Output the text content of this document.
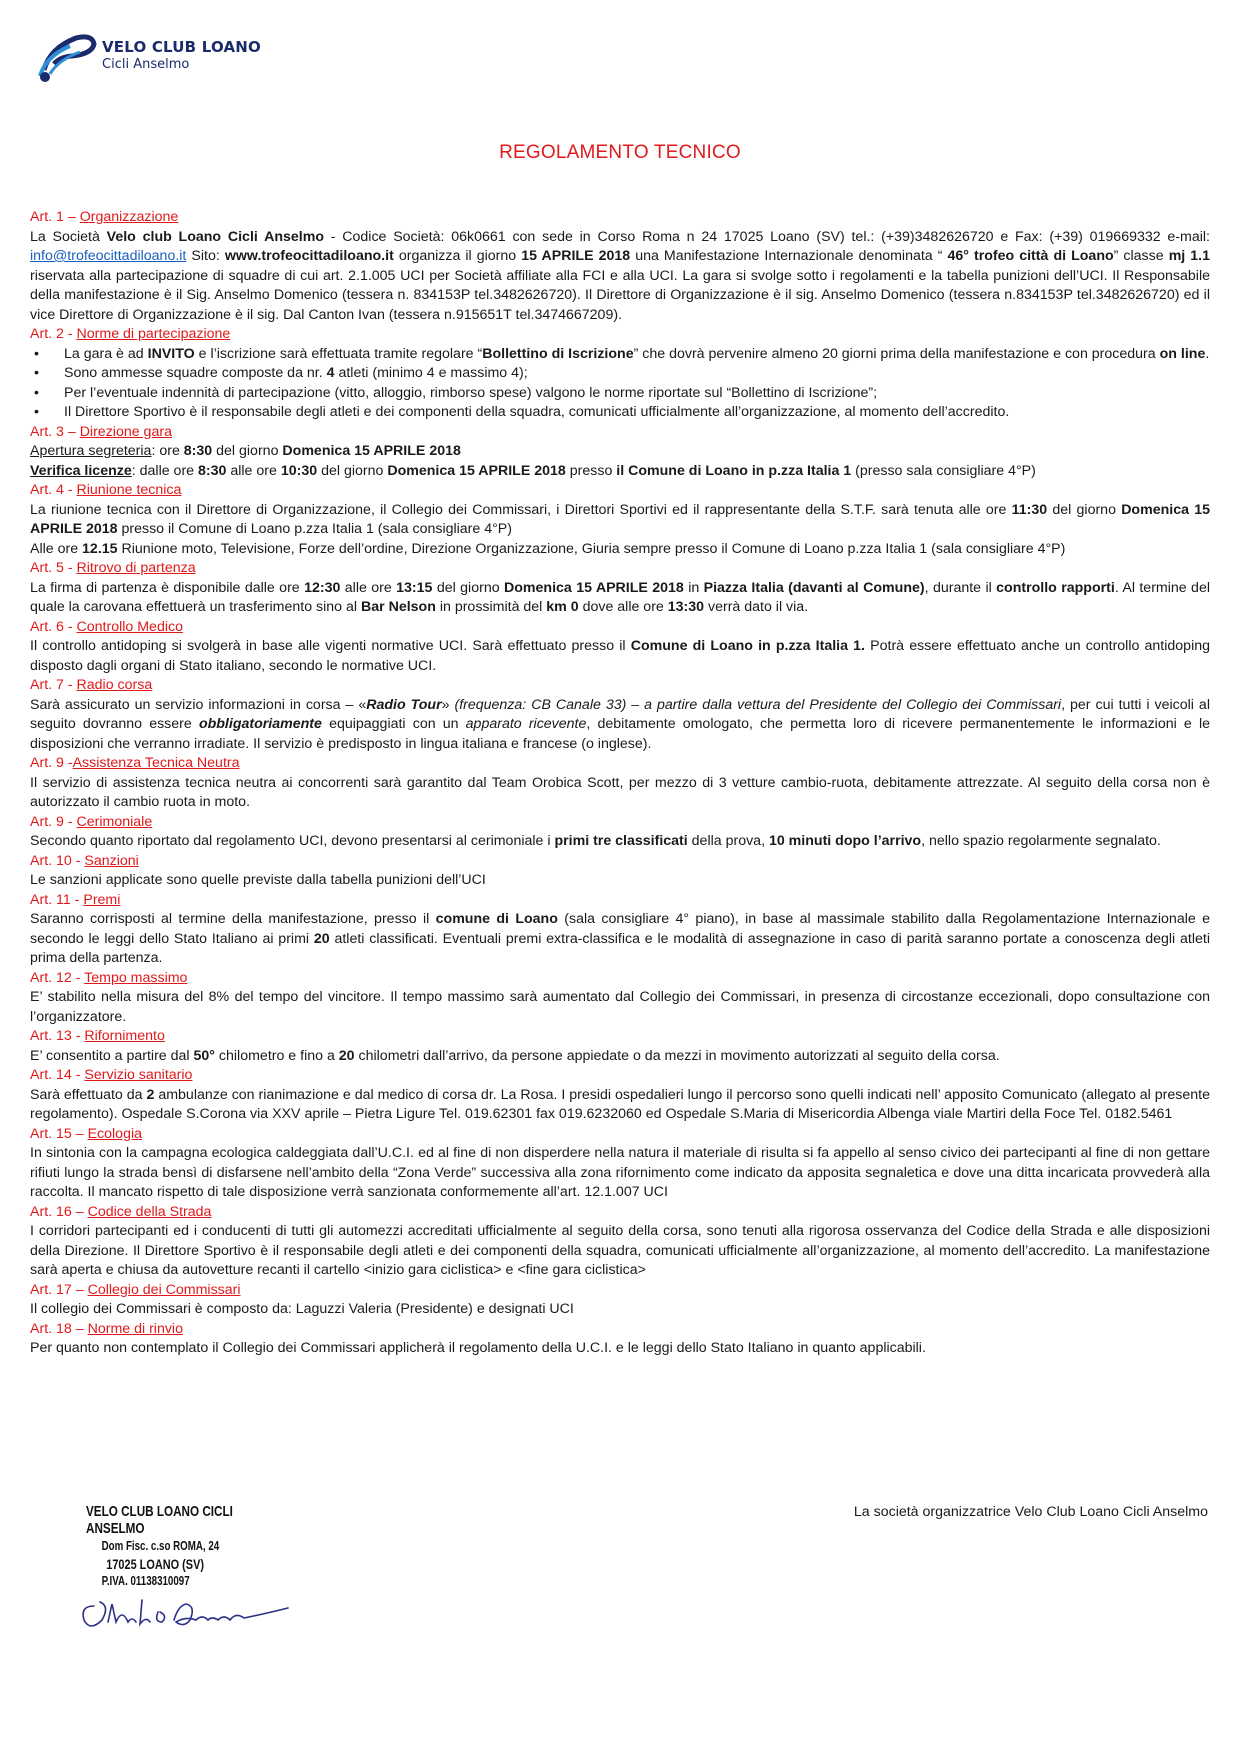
VELO CLUB LOANO
Cicli Anselmo
REGOLAMENTO TECNICO
Art. 1 – Organizzazione

La Società Velo club Loano Cicli Anselmo - Codice Società: 06k0661 con sede in Corso Roma n 24 17025 Loano (SV) tel.: (+39)3482626720 e Fax: (+39) 019669332 e-mail: info@trofeocittadiloano.it Sito: www.trofeocittadiloano.it organizza il giorno 15 APRILE 2018 una Manifestazione Internazionale denominata “ 46° trofeo città di Loano” classe mj 1.1 riservata alla partecipazione di squadre di cui art. 2.1.005 UCI per Società affiliate alla FCI e alla UCI. La gara si svolge sotto i regolamenti e la tabella punizioni dell’UCI. Il Responsabile della manifestazione è il Sig. Anselmo Domenico (tessera n. 834153P tel.3482626720). Il Direttore di Organizzazione è il sig. Anselmo Domenico (tessera n.834153P tel.3482626720) ed il vice Direttore di Organizzazione è il sig. Dal Canton Ivan (tessera n.915651T tel.3474667209).

Art. 2 - Norme di partecipazione
• La gara è ad INVITO e l’iscrizione sarà effettuata tramite regolare “Bollettino di Iscrizione” che dovrà pervenire almeno 20 giorni prima della manifestazione e con procedura on line.
• Sono ammesse squadre composte da nr. 4 atleti (minimo 4 e massimo 4);
• Per l’eventuale indennità di partecipazione (vitto, alloggio, rimborso spese) valgono le norme riportate sul “Bollettino di Iscrizione”;
• Il Direttore Sportivo è il responsabile degli atleti e dei componenti della squadra, comunicati ufficialmente all’organizzazione, al momento dell’accredito.
Art. 3 – Direzione gara

Apertura segreteria: ore 8:30 del giorno Domenica 15 APRILE 2018

Verifica licenze: dalle ore 8:30 alle ore 10:30 del giorno Domenica 15 APRILE 2018 presso il Comune di Loano in p.zza Italia 1 (presso sala consigliare 4°P)

Art. 4 - Riunione tecnica

La riunione tecnica con il Direttore di Organizzazione, il Collegio dei Commissari, i Direttori Sportivi ed il rappresentante della S.T.F. sarà tenuta alle ore 11:30 del giorno Domenica 15 APRILE 2018 presso il Comune di Loano p.zza Italia 1 (sala consigliare 4°P)

Alle ore 12.15 Riunione moto, Televisione, Forze dell’ordine, Direzione Organizzazione, Giuria sempre presso il Comune di Loano p.zza Italia 1 (sala consigliare 4°P)

Art. 5 - Ritrovo di partenza

La firma di partenza è disponibile dalle ore 12:30 alle ore 13:15 del giorno Domenica 15 APRILE 2018 in Piazza Italia (davanti al Comune), durante il controllo rapporti. Al termine del quale la carovana effettuerà un trasferimento sino al Bar Nelson in prossimità del km 0 dove alle ore 13:30 verrà dato il via.

Art. 6 - Controllo Medico

Il controllo antidoping si svolgerà in base alle vigenti normative UCI. Sarà effettuato presso il Comune di Loano in p.zza Italia 1. Potrà essere effettuato anche un controllo antidoping disposto dagli organi di Stato italiano, secondo le normative UCI.

Art. 7 - Radio corsa

Sarà assicurato un servizio informazioni in corsa – «Radio Tour» (frequenza: CB Canale 33) – a partire dalla vettura del Presidente del Collegio dei Commissari, per cui tutti i veicoli al seguito dovranno essere obbligatoriamente equipaggiati con un apparato ricevente, debitamente omologato, che permetta loro di ricevere permanentemente le informazioni e le disposizioni che verranno irradiate. Il servizio è predisposto in lingua italiana e francese (o inglese).

Art. 9 -Assistenza Tecnica Neutra

Il servizio di assistenza tecnica neutra ai concorrenti sarà garantito dal Team Orobica Scott, per mezzo di 3 vetture cambio-ruota, debitamente attrezzate. Al seguito della corsa non è autorizzato il cambio ruota in moto.

Art. 9 - Cerimoniale

Secondo quanto riportato dal regolamento UCI, devono presentarsi al cerimoniale i primi tre classificati della prova, 10 minuti dopo l’arrivo, nello spazio regolarmente segnalato.

Art. 10 - Sanzioni

Le sanzioni applicate sono quelle previste dalla tabella punizioni dell’UCI

Art. 11 - Premi

Saranno corrisposti al termine della manifestazione, presso il comune di Loano (sala consigliare 4° piano), in base al massimale stabilito dalla Regolamentazione Internazionale e secondo le leggi dello Stato Italiano ai primi 20 atleti classificati. Eventuali premi extra-classifica e le modalità di assegnazione in caso di parità saranno portate a conoscenza degli atleti prima della partenza.

Art. 12 - Tempo massimo

E’ stabilito nella misura del 8% del tempo del vincitore. Il tempo massimo sarà aumentato dal Collegio dei Commissari, in presenza di circostanze eccezionali, dopo consultazione con l’organizzatore.

Art. 13 - Rifornimento

E’ consentito a partire dal 50° chilometro e fino a 20 chilometri dall’arrivo, da persone appiedate o da mezzi in movimento autorizzati al seguito della corsa.

Art. 14 - Servizio sanitario

Sarà effettuato da 2 ambulanze con rianimazione e dal medico di corsa dr. La Rosa. I presidi ospedalieri lungo il percorso sono quelli indicati nell’ apposito Comunicato (allegato al presente regolamento). Ospedale S.Corona via XXV aprile – Pietra Ligure Tel. 019.62301 fax 019.6232060 ed Ospedale S.Maria di Misericordia Albenga viale Martiri della Foce Tel. 0182.5461

Art. 15 – Ecologia

In sintonia con la campagna ecologica caldeggiata dall’U.C.I. ed al fine di non disperdere nella natura il materiale di risulta si fa appello al senso civico dei partecipanti al fine di non gettare rifiuti lungo la strada bensì di disfarsene nell’ambito della “Zona Verde” successiva alla zona rifornimento come indicato da apposita segnaletica e dove una ditta incaricata provvederà alla raccolta. Il mancato rispetto di tale disposizione verrà sanzionata conformemente all’art. 12.1.007 UCI

Art. 16 – Codice della Strada

I corridori partecipanti ed i conducenti di tutti gli automezzi accreditati ufficialmente al seguito della corsa, sono tenuti alla rigorosa osservanza del Codice della Strada e alle disposizioni della Direzione. Il Direttore Sportivo è il responsabile degli atleti e dei componenti della squadra, comunicati ufficialmente all’organizzazione, al momento dell’accredito. La manifestazione sarà aperta e chiusa da autovetture recanti il cartello <inizio gara ciclistica> e <fine gara ciclistica>

Art. 17 – Collegio dei Commissari

Il collegio dei Commissari è composto da: Laguzzi Valeria (Presidente) e designati UCI

Art. 18 – Norme di rinvio

Per quanto non contemplato il Collegio dei Commissari applicherà il regolamento della U.C.I. e le leggi dello Stato Italiano in quanto applicabili.

VELO CLUB LOANO CICLI ANSELMO
Dom Fisc. c.so ROMA, 24
17025 LOANO (SV)
P.IVA. 01138310097
La società organizzatrice Velo Club Loano Cicli Anselmo
